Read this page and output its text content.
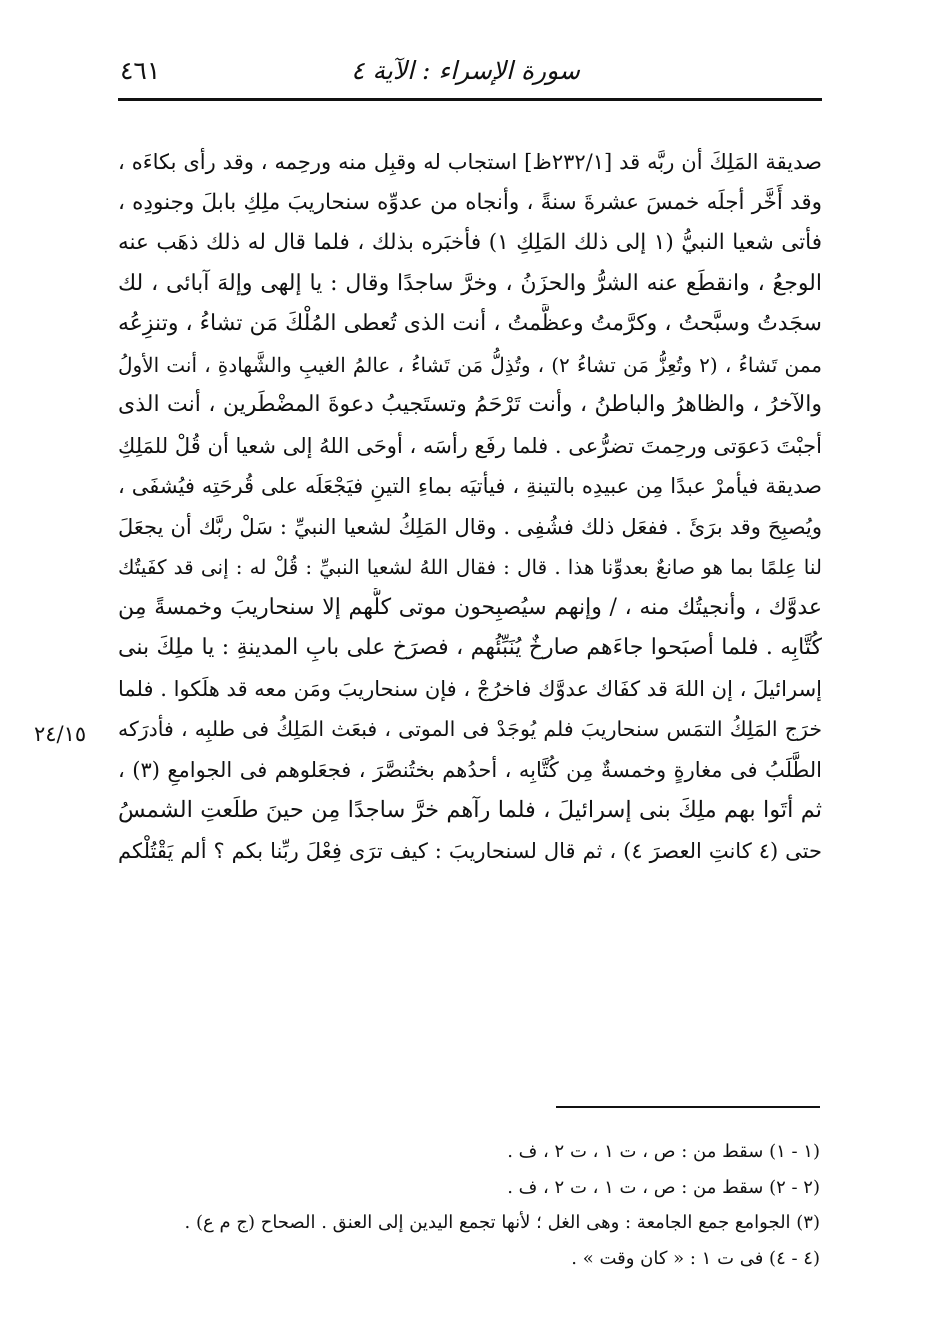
سورة الإسراء : الآية ٤
٤٦١
صديقة المَلِكَ أن ربَّه قد [٢٣٢/١ظ] استجاب له وقبِل منه ورحِمه ، وقد رأى بكاءَه ،
وقد أَخَّر أجلَه خمسَ عشرةَ سنةً ، وأنجاه من عدوِّه سنحاريبَ ملِكِ بابلَ وجنودِه ،
فأتى شعيا النبيُّ (١ إلى ذلك المَلِكِ ١) فأخبَره بذلك ، فلما قال له ذلك ذهَب عنه
الوجعُ ، وانقطَع عنه الشرُّ والحزَنُ ، وخرَّ ساجدًا وقال : يا إلهى وإلهَ آبائى ، لك
سجَدتُ وسبَّحتُ ، وكرَّمتُ وعظَّمتُ ، أنت الذى تُعطى المُلْكَ مَن تشاءُ ، وتنزِعُه
ممن تَشاءُ ، (٢ وتُعِزُّ مَن تشاءُ ٢) ، وتُذِلُّ مَن تَشاءُ ، عالمُ الغيبِ والشَّهادةِ ، أنت الأولُ
والآخرُ ، والظاهرُ والباطنُ ، وأنت تَرْحَمُ وتستَجيبُ دعوةَ المضْطَرين ، أنت الذى
أجبْتَ دَعوَتى ورحِمتَ تضرُّعى . فلما رفَع رأسَه ، أوحَى اللهُ إلى شعيا أن قُلْ للمَلِكِ
صديقة فيأمرْ عبدًا مِن عبيدِه بالتينةِ ، فيأتيَه بماءِ التينِ فيَجْعَلَه على قُرحَتِه فيُشفَى ،
ويُصبِحَ وقد برَئَ . ففعَل ذلك فشُفِى . وقال المَلِكُ لشعيا النبيِّ : سَلْ ربَّك أن يجعَلَ
لنا عِلمًا بما هو صانعٌ بعدوِّنا هذا . قال : فقال اللهُ لشعيا النبيِّ : قُلْ له : إنى قد كفَيتُك
عدوَّك ، وأنجيتُك منه ، / وإنهم سيُصبِحون موتى كلُّهم إلا سنحاريبَ وخمسةً مِن
كُتَّابِه . فلما أصبَحوا جاءَهم صارخٌ يُنَبِّئُهم ، فصرَخ على بابِ المدينةِ : يا ملِكَ بنى
إسرائيلَ ، إن اللهَ قد كفَاك عدوَّك فاخرُجْ ، فإن سنحاريبَ ومَن معه قد هلَكوا . فلما
خرَج المَلِكُ التمَس سنحاريبَ فلم يُوجَدْ فى الموتى ، فبعَث المَلِكُ فى طلبِه ، فأدرَكه
الطَّلَبُ فى مغارةٍ وخمسةٌ مِن كُتَّابِه ، أحدُهم بختُنصَّرَ ، فجعَلوهم فى الجوامعِ (٣) ،
ثم أتَوا بهم ملِكَ بنى إسرائيلَ ، فلما رآهم خرَّ ساجدًا مِن حينَ طلَعتِ الشمسُ
حتى (٤ كانتِ العصرَ ٤) ، ثم قال لسنحاريبَ : كيف ترَى فِعْلَ ربِّنا بكم ؟ ألم يَقْتُلْكم
٢٤/١٥
(١ - ١) سقط من : ص ، ت ١ ، ت ٢ ، ف .
(٢ - ٢) سقط من : ص ، ت ١ ، ت ٢ ، ف .
(٣) الجوامع جمع الجامعة : وهى الغل ؛ لأنها تجمع اليدين إلى العنق . الصحاح (ج م ع) .
(٤ - ٤) فى ت ١ : « كان وقت » .
